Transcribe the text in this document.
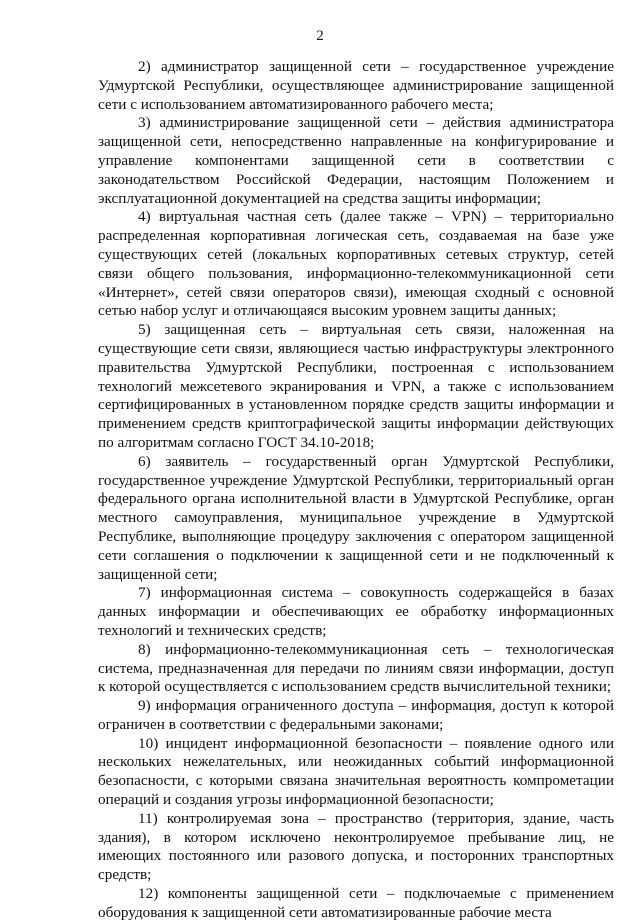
2

2) администратор защищенной сети – государственное учреждение Удмуртской Республики, осуществляющее администрирование защищенной сети с использованием автоматизированного рабочего места;

3) администрирование защищенной сети – действия администратора защищенной сети, непосредственно направленные на конфигурирование и управление компонентами защищенной сети в соответствии с законодательством Российской Федерации, настоящим Положением и эксплуатационной документацией на средства защиты информации;

4) виртуальная частная сеть (далее также – VPN) – территориально распределенная корпоративная логическая сеть, создаваемая на базе уже существующих сетей (локальных корпоративных сетевых структур, сетей связи общего пользования, информационно-телекоммуникационной сети «Интернет», сетей связи операторов связи), имеющая сходный с основной сетью набор услуг и отличающаяся высоким уровнем защиты данных;

5) защищенная сеть – виртуальная сеть связи, наложенная на существующие сети связи, являющиеся частью инфраструктуры электронного правительства Удмуртской Республики, построенная с использованием технологий межсетевого экранирования и VPN, а также с использованием сертифицированных в установленном порядке средств защиты информации и применением средств криптографической защиты информации действующих по алгоритмам согласно ГОСТ 34.10-2018;

6) заявитель – государственный орган Удмуртской Республики, государственное учреждение Удмуртской Республики, территориальный орган федерального органа исполнительной власти в Удмуртской Республике, орган местного самоуправления, муниципальное учреждение в Удмуртской Республике, выполняющие процедуру заключения с оператором защищенной сети соглашения о подключении к защищенной сети и не подключенный к защищенной сети;

7) информационная система – совокупность содержащейся в базах данных информации и обеспечивающих ее обработку информационных технологий и технических средств;

8) информационно-телекоммуникационная сеть – технологическая система, предназначенная для передачи по линиям связи информации, доступ к которой осуществляется с использованием средств вычислительной техники;

9) информация ограниченного доступа – информация, доступ к которой ограничен в соответствии с федеральными законами;

10) инцидент информационной безопасности – появление одного или нескольких нежелательных, или неожиданных событий информационной безопасности, с которыми связана значительная вероятность компрометации операций и создания угрозы информационной безопасности;

11) контролируемая зона – пространство (территория, здание, часть здания), в котором исключено неконтролируемое пребывание лиц, не имеющих постоянного или разового допуска, и посторонних транспортных средств;

12) компоненты защищенной сети – подключаемые с применением оборудования к защищенной сети автоматизированные рабочие места
